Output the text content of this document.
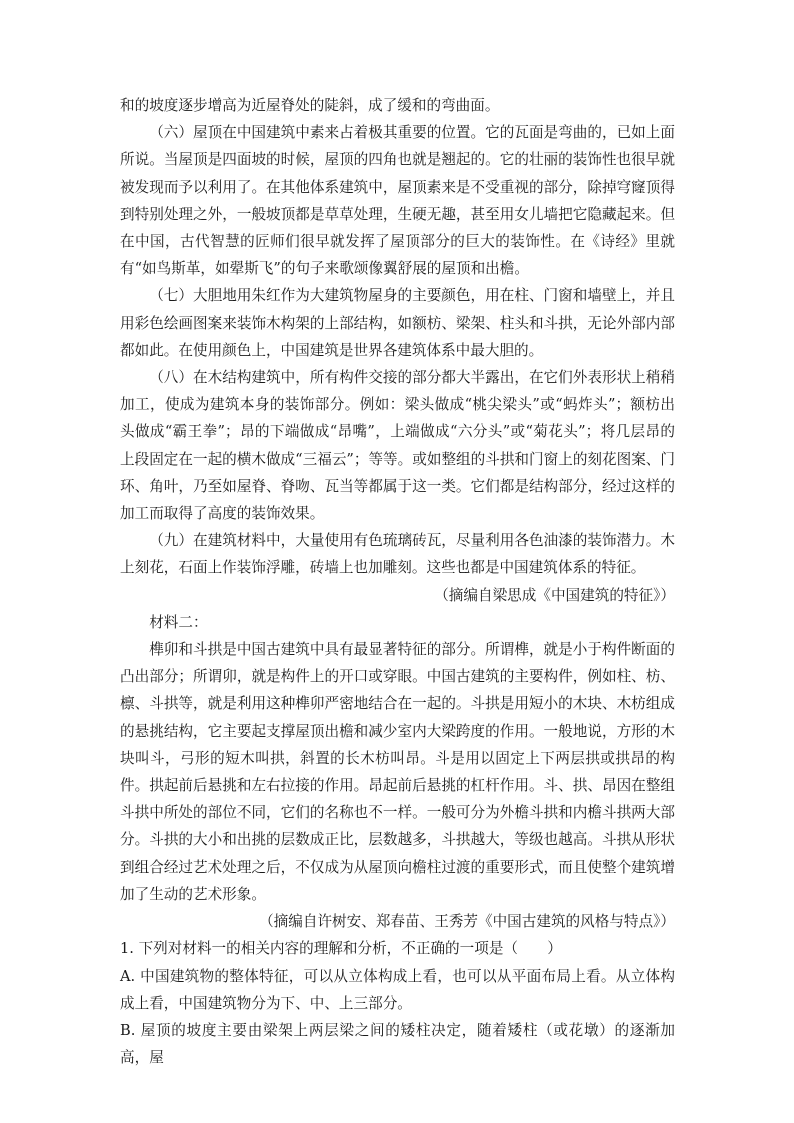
和的坡度逐步增高为近屋脊处的陡斜，成了缓和的弯曲面。

（六）屋顶在中国建筑中素来占着极其重要的位置。它的瓦面是弯曲的，已如上面所说。当屋顶是四面坡的时候，屋顶的四角也就是翘起的。它的壮丽的装饰性也很早就被发现而予以利用了。在其他体系建筑中，屋顶素来是不受重视的部分，除掉穹窿顶得到特别处理之外，一般坡顶都是草草处理，生硬无趣，甚至用女儿墙把它隐藏起来。但在中国，古代智慧的匠师们很早就发挥了屋顶部分的巨大的装饰性。在《诗经》里就有“如鸟斯革，如翚斯飞”的句子来歌颂像翼舒展的屋顶和出檐。

（七）大胆地用朱红作为大建筑物屋身的主要颜色，用在柱、门窗和墙壁上，并且用彩色绘画图案来装饰木构架的上部结构，如额枋、梁架、柱头和斗拱，无论外部内部都如此。在使用颜色上，中国建筑是世界各建筑体系中最大胆的。

（八）在木结构建筑中，所有构件交接的部分都大半露出，在它们外表形状上稍稍加工，使成为建筑本身的装饰部分。例如：梁头做成“桃尖梁头”或“蚂炸头”；额枋出头做成“霸王拳”；昂的下端做成“昂嘴”，上端做成“六分头”或“菊花头”；将几层昂的上段固定在一起的横木做成“三福云”；等等。或如整组的斗拱和门窗上的刻花图案、门环、角叶，乃至如屋脊、脊吻、瓦当等都属于这一类。它们都是结构部分，经过这样的加工而取得了高度的装饰效果。

（九）在建筑材料中，大量使用有色琉璃砖瓦，尽量利用各色油漆的装饰潜力。木上刻花，石面上作装饰浮雕，砖墙上也加雕刻。这些也都是中国建筑体系的特征。

（摘编自梁思成《中国建筑的特征》）

材料二：

榫卯和斗拱是中国古建筑中具有最显著特征的部分。所谓榫，就是小于构件断面的凸出部分；所谓卯，就是构件上的开口或穿眼。中国古建筑的主要构件，例如柱、枋、檩、斗拱等，就是利用这种榫卯严密地结合在一起的。斗拱是用短小的木块、木枋组成的悬挑结构，它主要起支撑屋顶出檐和减少室内大梁跨度的作用。一般地说，方形的木块叫斗，弓形的短木叫拱，斜置的长木枋叫昂。斗是用以固定上下两层拱或拱昂的构件。拱起前后悬挑和左右拉接的作用。昂起前后悬挑的杠杆作用。斗、拱、昂因在整组斗拱中所处的部位不同，它们的名称也不一样。一般可分为外檐斗拱和内檐斗拱两大部分。斗拱的大小和出挑的层数成正比，层数越多，斗拱越大，等级也越高。斗拱从形状到组合经过艺术处理之后，不仅成为从屋顶向檐柱过渡的重要形式，而且使整个建筑增加了生动的艺术形象。

（摘编自许树安、郑春苗、王秀芳《中国古建筑的风格与特点》）

1. 下列对材料一的相关内容的理解和分析，不正确的一项是（　　）

A. 中国建筑物的整体特征，可以从立体构成上看，也可以从平面布局上看。从立体构成上看，中国建筑物分为下、中、上三部分。

B. 屋顶的坡度主要由梁架上两层梁之间的矮柱决定，随着矮柱（或花墩）的逐渐加高，屋
